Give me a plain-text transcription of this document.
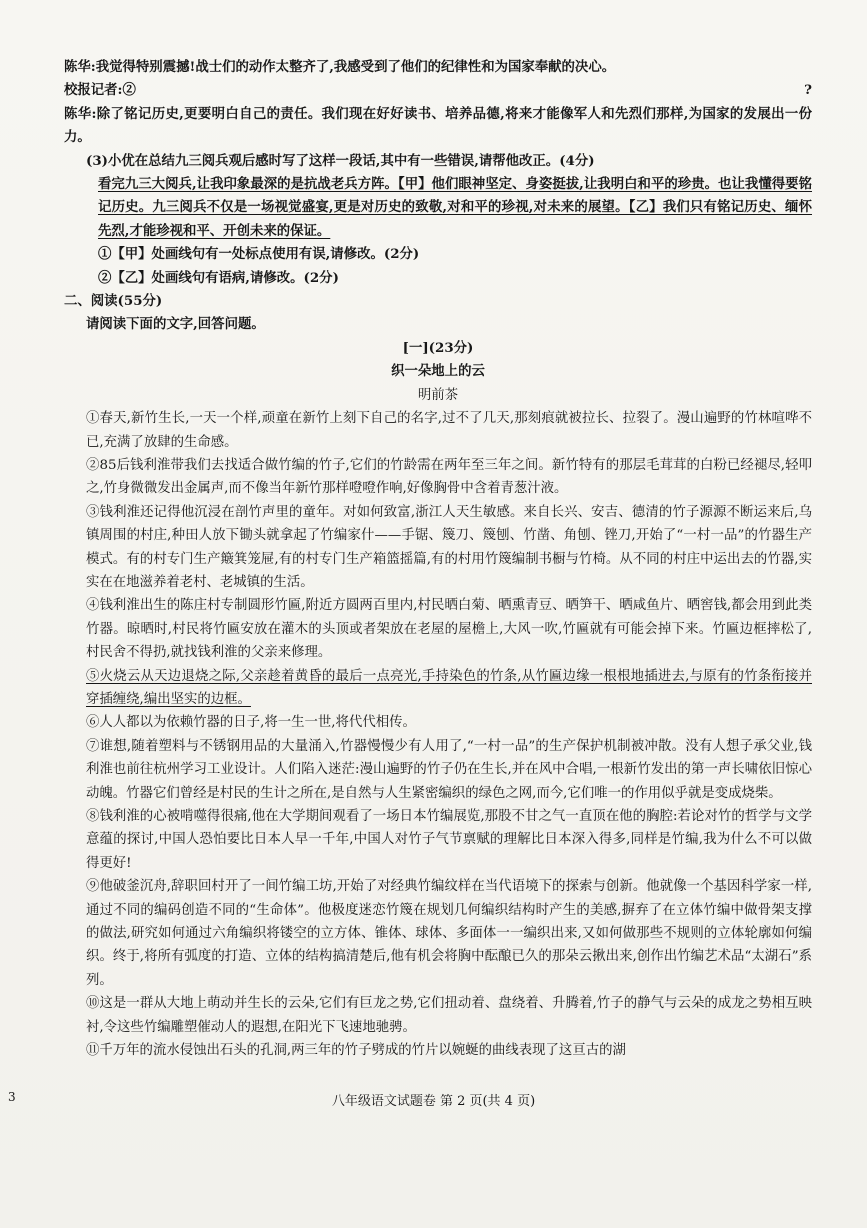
陈华:我觉得特别震撼!战士们的动作太整齐了,我感受到了他们的纪律性和为国家奉献的决心。

校报记者:②	?

陈华:除了铭记历史,更要明白自己的责任。我们现在好好读书、培养品德,将来才能像军人和先烈们那样,为国家的发展出一份力。

(3)小优在总结九三阅兵观后感时写了这样一段话,其中有一些错误,请帮他改正。(4分)

看完九三大阅兵,让我印象最深的是抗战老兵方阵。【甲】他们眼神坚定、身姿挺拔,让我明白和平的珍贵。也让我懂得要铭记历史。九三阅兵不仅是一场视觉盛宴,更是对历史的致敬,对和平的珍视,对未来的展望。【乙】我们只有铭记历史、缅怀先烈,才能珍视和平、开创未来的保证。

①【甲】处画线句有一处标点使用有误,请修改。(2分)

②【乙】处画线句有语病,请修改。(2分)

二、阅读(55分)

请阅读下面的文字,回答问题。

[一](23分)

织一朵地上的云

明前茶

①春天,新竹生长,一天一个样,顽童在新竹上刻下自己的名字,过不了几天,那刻痕就被拉长、拉裂了。漫山遍野的竹林喧哗不已,充满了放肆的生命感。

②85后钱利淮带我们去找适合做竹编的竹子,它们的竹龄需在两年至三年之间。新竹特有的那层毛茸茸的白粉已经褪尽,轻叩之,竹身微微发出金属声,而不像当年新竹那样噔噔作响,好像胸骨中含着青葱汁液。

③钱利淮还记得他沉浸在剖竹声里的童年。对如何致富,浙江人天生敏感。来自长兴、安吉、德清的竹子源源不断运来后,乌镇周围的村庄,种田人放下锄头就拿起了竹编家什——手锯、篾刀、篾刨、竹凿、角刨、锉刀,开始了“一村一品”的竹器生产模式。有的村专门生产簸箕笼屉,有的村专门生产箱篮摇篇,有的村用竹篾编制书橱与竹椅。从不同的村庄中运出去的竹器,实实在在地滋养着老村、老城镇的生活。

④钱利淮出生的陈庄村专制圆形竹匾,附近方圆两百里内,村民晒白菊、晒熏青豆、晒笋干、晒咸鱼片、晒窖钱,都会用到此类竹器。晾晒时,村民将竹匾安放在灌木的头顶或者架放在老屋的屋檐上,大风一吹,竹匾就有可能会掉下来。竹匾边框摔松了,村民舍不得扔,就找钱利淮的父亲来修理。

⑤火烧云从天边退烧之际,父亲趁着黄昏的最后一点亮光,手持染色的竹条,从竹匾边缘一根根地插进去,与原有的竹条衔接并穿插缠绕,编出坚实的边框。

⑥人人都以为依赖竹器的日子,将一生一世,将代代相传。

⑦谁想,随着塑料与不锈钢用品的大量涌入,竹器慢慢少有人用了,“一村一品”的生产保护机制被冲散。没有人想子承父业,钱利淮也前往杭州学习工业设计。人们陷入迷茫:漫山遍野的竹子仍在生长,并在风中合唱,一根新竹发出的第一声长啸依旧惊心动魄。竹器它们曾经是村民的生计之所在,是自然与人生紧密编织的绿色之网,而今,它们唯一的作用似乎就是变成烧柴。

⑧钱利淮的心被啃噬得很痛,他在大学期间观看了一场日本竹编展览,那股不甘之气一直顶在他的胸腔:若论对竹的哲学与文学意蕴的探讨,中国人恐怕要比日本人早一千年,中国人对竹子气节禀赋的理解比日本深入得多,同样是竹编,我为什么不可以做得更好!

⑨他破釜沉舟,辞职回村开了一间竹编工坊,开始了对经典竹编纹样在当代语境下的探索与创新。他就像一个基因科学家一样,通过不同的编码创造不同的“生命体”。他极度迷恋竹篾在规划几何编织结构时产生的美感,摒弃了在立体竹编中做骨架支撑的做法,研究如何通过六角编织将镂空的立方体、锥体、球体、多面体一一编织出来,又如何做那些不规则的立体轮廓如何编织。终于,将所有弧度的打造、立体的结构搞清楚后,他有机会将胸中酝酿已久的那朵云揪出来,创作出竹编艺术品“太湖石”系列。

⑩这是一群从大地上萌动并生长的云朵,它们有巨龙之势,它们扭动着、盘绕着、升腾着,竹子的静气与云朵的成龙之势相互映衬,令这些竹编雕塑催动人的遐想,在阳光下飞速地驰骋。

⑪千万年的流水侵蚀出石头的孔洞,两三年的竹子劈成的竹片以婉蜒的曲线表现了这亘古的湖

3	八年级语文试题卷 第 2 页(共 4 页)
